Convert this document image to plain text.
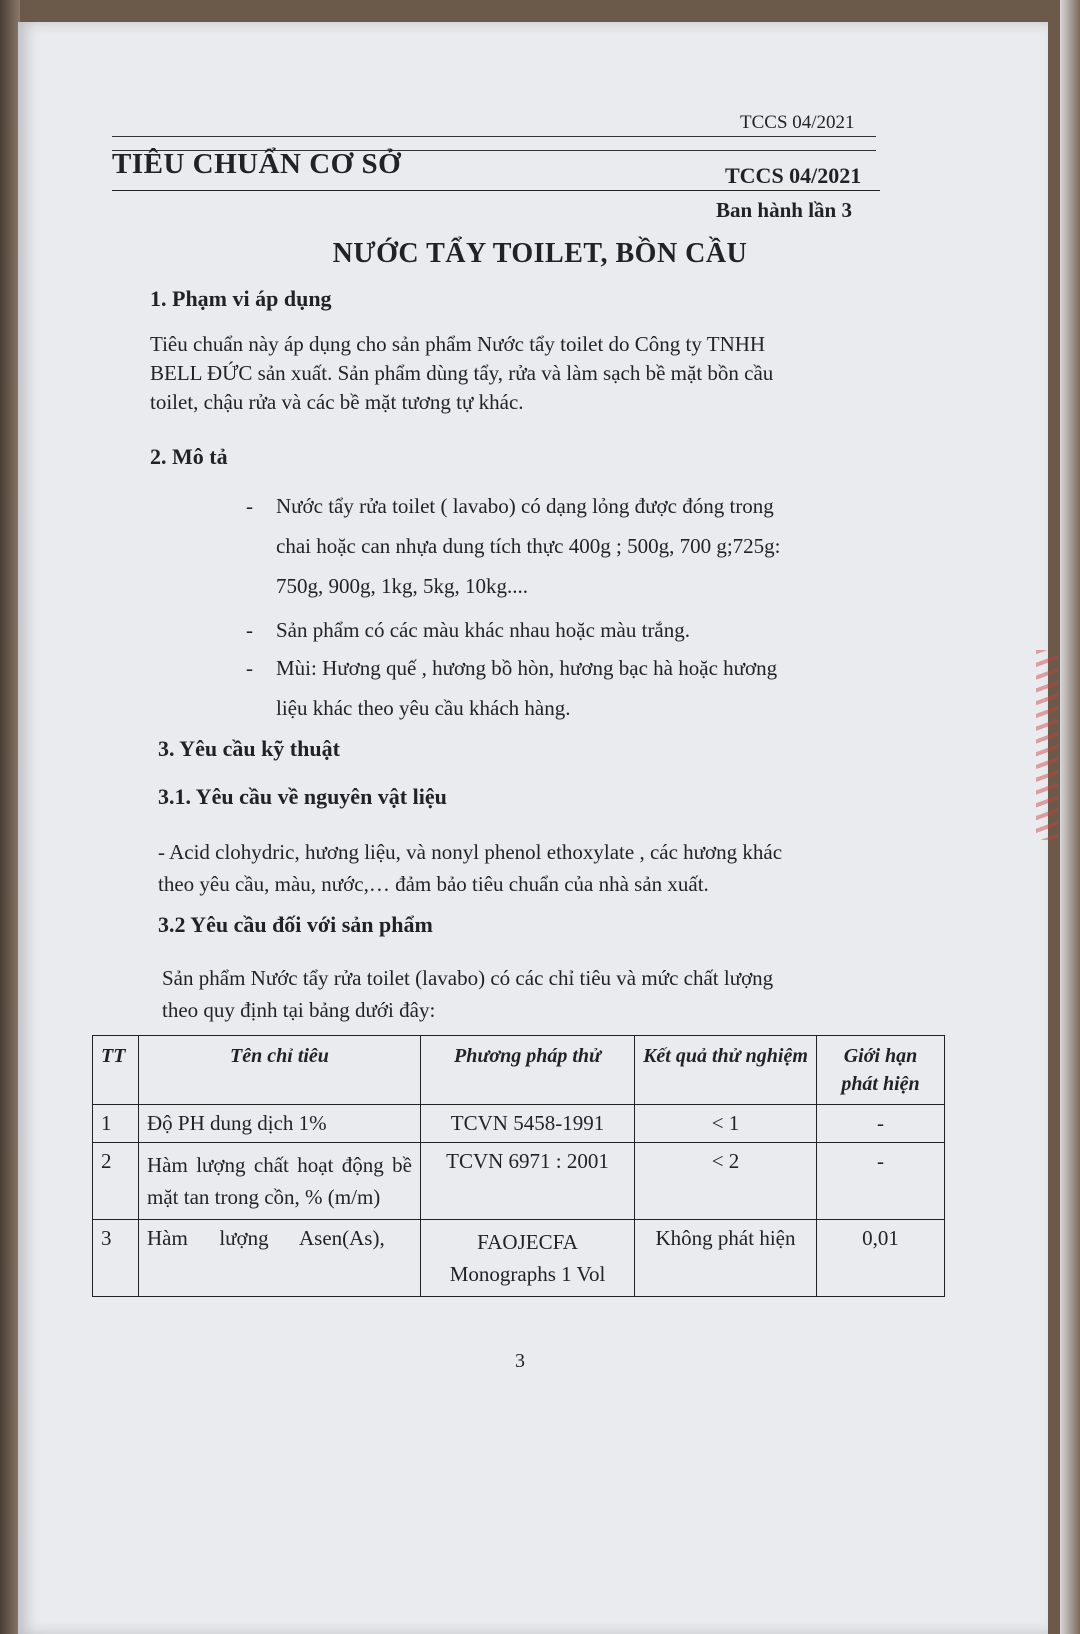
TCCS 04/2021
TIÊU CHUẨN CƠ SỞ	TCCS 04/2021
Ban hành lần 3
NƯỚC TẨY TOILET, BỒN CẦU
1. Phạm vi áp dụng
Tiêu chuẩn này áp dụng cho sản phẩm Nước tẩy toilet do Công ty TNHH
BELL ĐỨC sản xuất. Sản phẩm dùng tẩy, rửa và làm sạch bề mặt bồn cầu
toilet, chậu rửa và các bề mặt tương tự khác.
2. Mô tả
- Nước tẩy rửa toilet ( lavabo) có dạng lỏng được đóng trong
chai hoặc can nhựa dung tích thực 400g ; 500g, 700 g;725g:
750g, 900g, 1kg, 5kg, 10kg....
- Sản phẩm có các màu khác nhau hoặc màu trắng.
- Mùi: Hương quế , hương bồ hòn, hương bạc hà hoặc hương
liệu khác theo yêu cầu khách hàng.
3. Yêu cầu kỹ thuật
3.1. Yêu cầu về nguyên vật liệu
- Acid clohydric, hương liệu, và nonyl phenol ethoxylate , các hương khác
theo yêu cầu, màu, nước,… đảm bảo tiêu chuẩn của nhà sản xuất.
3.2 Yêu cầu đối với sản phẩm
Sản phẩm Nước tẩy rửa toilet (lavabo) có các chỉ tiêu và mức chất lượng
theo quy định tại bảng dưới đây:
TT	Tên chỉ tiêu	Phương pháp thử	Kết quả thử nghiệm	Giới hạn phát hiện
1	Độ PH dung dịch 1%	TCVN 5458-1991	< 1	-
2	Hàm lượng chất hoạt động bề mặt tan trong cồn, % (m/m)	TCVN 6971 : 2001	< 2	-
3	Hàm      lượng      Asen(As),	FAOJECFA Monographs 1 Vol	Không phát hiện	0,01
3
